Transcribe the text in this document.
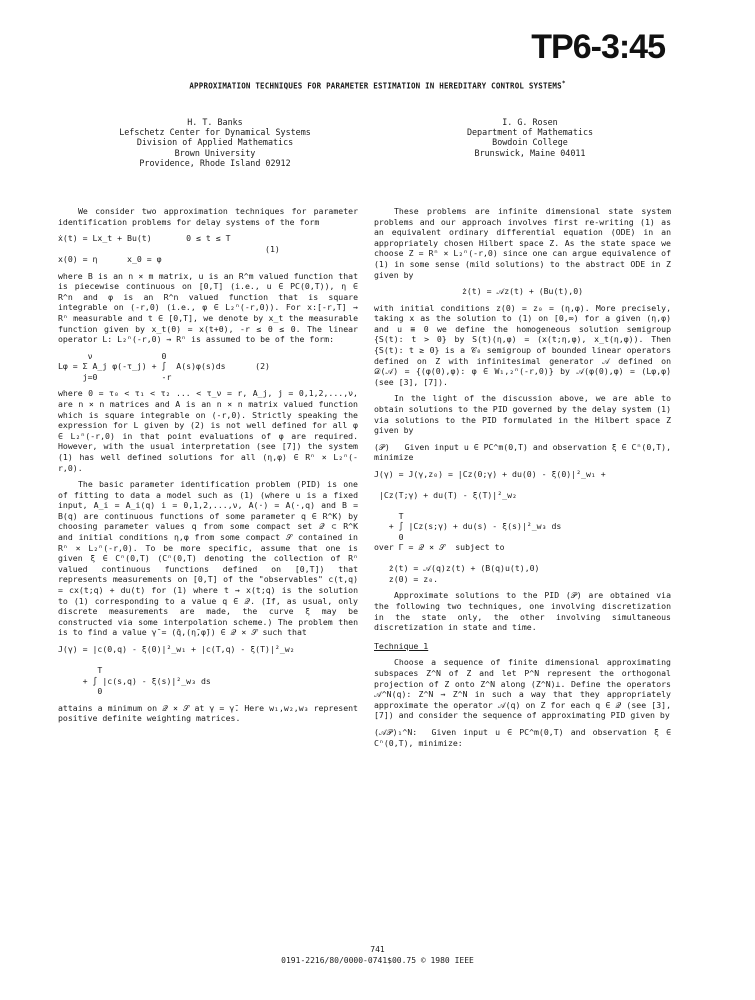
TP6-3:45
APPROXIMATION TECHNIQUES FOR PARAMETER ESTIMATION IN HEREDITARY CONTROL SYSTEMS*
H. T. Banks
Lefschetz Center for Dynamical Systems
Division of Applied Mathematics
Brown University
Providence, Rhode Island 02912
I. G. Rosen
Department of Mathematics
Bowdoin College
Brunswick, Maine 04011

We consider two approximation techniques for parameter identification problems for delay systems of the form

ẋ(t) = Lx_t + Bu(t)       0 ≤ t ≤ T
(1)
x(0) = η      x_0 = φ

where B is an n × m matrix, u is an R^m valued function that is piecewise continuous on [0,T] (i.e., u ∈ PC(0,T)), η ∈ R^n and φ is an R^n valued function that is square integrable on (-r,0) (i.e., φ ∈ L₂ⁿ(-r,0)). For x:[-r,T] → Rⁿ measurable and t ∈ [0,T], we denote by x_t the measurable function given by x_t(θ) = x(t+θ), -r ≤ θ ≤ 0. The linear operator L: L₂ⁿ(-r,0) → Rⁿ is assumed to be of the form:

ν              0
Lφ = Σ A_j φ(-τ_j) + ∫  A(s)φ(s)ds      (2)
j=0             -r

where 0 = τ₀ < τ₁ < τ₂ ... < τ_ν = r, A_j, j = 0,1,2,...,ν, are n × n matrices and A is an n × n matrix valued function which is square integrable on (-r,0). Strictly speaking the expression for L given by (2) is not well defined for all φ ∈ L₂ⁿ(-r,0) in that point evaluations of φ are required. However, with the usual interpretation (see [7]) the system (1) has well defined solutions for all (η,φ) ∈ Rⁿ × L₂ⁿ(-r,0).

The basic parameter identification problem (PID) is one of fitting to data a model such as (1) (where u is a fixed input, A_i = A_i(q) i = 0,1,2,...,ν, A(·) = A(·,q) and B = B(q) are continuous functions of some parameter q ∈ R^K) by choosing parameter values q from some compact set 𝒬 ⊂ R^K and initial conditions η,φ from some compact 𝒮 contained in Rⁿ × L₂ⁿ(-r,0). To be more specific, assume that one is given ξ ∈ Cⁿ(0,T) (Cⁿ(0,T) denoting the collection of Rⁿ valued continuous functions defined on [0,T]) that represents measurements on [0,T] of the "observables" c(t,q) = cx(t;q) + du(t) for (1) where t → x(t;q) is the solution to (1) corresponding to a value q ∈ 𝒬. (If, as usual, only discrete measurements are made, the curve ξ may be constructed via some interpolation scheme.) The problem then is to find a value γ̄ = (q̄,(η̄,φ̄)) ∈ 𝒬 × 𝒮 such that

J(γ) = |c(0,q) - ξ(0)|²_w₁ + |c(T,q) - ξ(T)|²_w₂

T
+ ∫ |c(s,q) - ξ(s)|²_w₃ ds
0

attains a minimum on 𝒬 × 𝒮 at γ = γ̄. Here w₁,w₂,w₃ represent positive definite weighting matrices.

These problems are infinite dimensional state system problems and our approach involves first re-writing (1) as an equivalent ordinary differential equation (ODE) in an appropriately chosen Hilbert space Z. As the state space we choose Z = Rⁿ × L₂ⁿ(-r,0) since one can argue equivalence of (1) in some sense (mild solutions) to the abstract ODE in Z given by

ż(t) = 𝒜z(t) + (Bu(t),0)

with initial conditions z(0) = z₀ = (η,φ). More precisely, taking x as the solution to (1) on [0,∞) for a given (η,φ) and u ≡ 0 we define the homogeneous solution semigroup {S(t): t > 0} by S(t)(η,φ) = (x(t;η,φ), x_t(η,φ)). Then {S(t): t ≥ 0} is a 𝒞₀ semigroup of bounded linear operators defined on Z with infinitesimal generator 𝒜 defined on 𝒟(𝒜) = {(φ(0),φ): φ ∈ W₁,₂ⁿ(-r,0)} by 𝒜(φ(0),φ) = (Lφ,φ̇) (see [3], [7]).

In the light of the discussion above, we are able to obtain solutions to the PID governed by the delay system (1) via solutions to the PID formulated in the Hilbert space Z given by

(𝒫) Given input u ∈ PC^m(0,T) and observation ξ ∈ Cⁿ(0,T), minimize

J(γ) = J(γ,z₀) = |Cz(0;γ) + du(0) - ξ(0)|²_w₁ +

|Cz(T;γ) + du(T) - ξ(T)|²_w₂

T
+ ∫ |Cz(s;γ) + du(s) - ξ(s)|²_w₃ ds
0
over Γ = 𝒬 × 𝒮  subject to

ż(t) = 𝒜(q)z(t) + (B(q)u(t),0)
z(0) = z₀.

Approximate solutions to the PID (𝒫) are obtained via the following two techniques, one involving discretization in the state only, the other involving simultaneous discretization in state and time.

Technique 1

Choose a sequence of finite dimensional approximating subspaces Z^N of Z and let P^N represent the orthogonal projection of Z onto Z^N along (Z^N)⊥. Define the operators 𝒜^N(q): Z^N → Z^N in such a way that they appropriately approximate the operator 𝒜(q) on Z for each q ∈ 𝒬 (see [3], [7]) and consider the sequence of approximating PID given by

(𝒜𝒫)₁^N: Given input u ∈ PC^m(0,T) and observation ξ ∈ Cⁿ(0,T), minimize:

741
0191-2216/80/0000-0741$00.75 © 1980 IEEE
